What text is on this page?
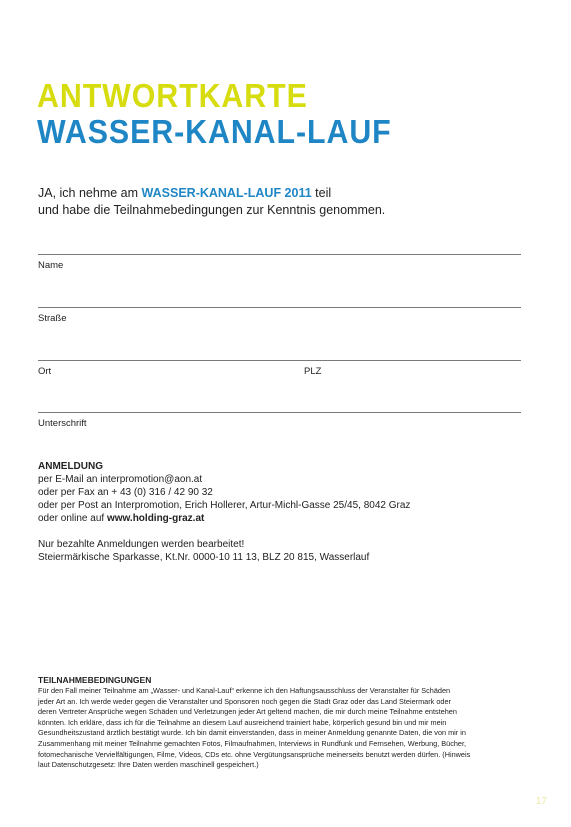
ANTWORTKARTE
WASSER-KANAL-LAUF
JA, ich nehme am WASSER-KANAL-LAUF 2011 teil
und habe die Teilnahmebedingungen zur Kenntnis genommen.
Name
Straße
Ort	PLZ
Unterschrift
ANMELDUNG
per E-Mail an interpromotion@aon.at
oder per Fax an + 43 (0) 316 / 42 90 32
oder per Post an Interpromotion, Erich Hollerer, Artur-Michl-Gasse 25/45, 8042 Graz
oder online auf www.holding-graz.at
Nur bezahlte Anmeldungen werden bearbeitet!
Steiermärkische Sparkasse, Kt.Nr. 0000-10 11 13, BLZ 20 815, Wasserlauf
TEILNAHMEBEDINGUNGEN
Für den Fall meiner Teilnahme am „Wasser- und Kanal-Lauf“ erkenne ich den Haftungsausschluss der Veranstalter für Schäden
jeder Art an. Ich werde weder gegen die Veranstalter und Sponsoren noch gegen die Stadt Graz oder das Land Steiermark oder
deren Vertreter Ansprüche wegen Schäden und Verletzungen jeder Art geltend machen, die mir durch meine Teilnahme entstehen
könnten. Ich erkläre, dass ich für die Teilnahme an diesem Lauf ausreichend trainiert habe, körperlich gesund bin und mir mein
Gesundheitszustand ärztlich bestätigt wurde. Ich bin damit einverstanden, dass in meiner Anmeldung genannte Daten, die von mir in
Zusammenhang mit meiner Teilnahme gemachten Fotos, Filmaufnahmen, Interviews in Rundfunk und Fernsehen, Werbung, Bücher,
fotomechanische Vervielfältigungen, Filme, Videos, CDs etc. ohne Vergütungsansprüche meinerseits benutzt werden dürfen. (Hinweis
laut Datenschutzgesetz: Ihre Daten werden maschinell gespeichert.)
17
